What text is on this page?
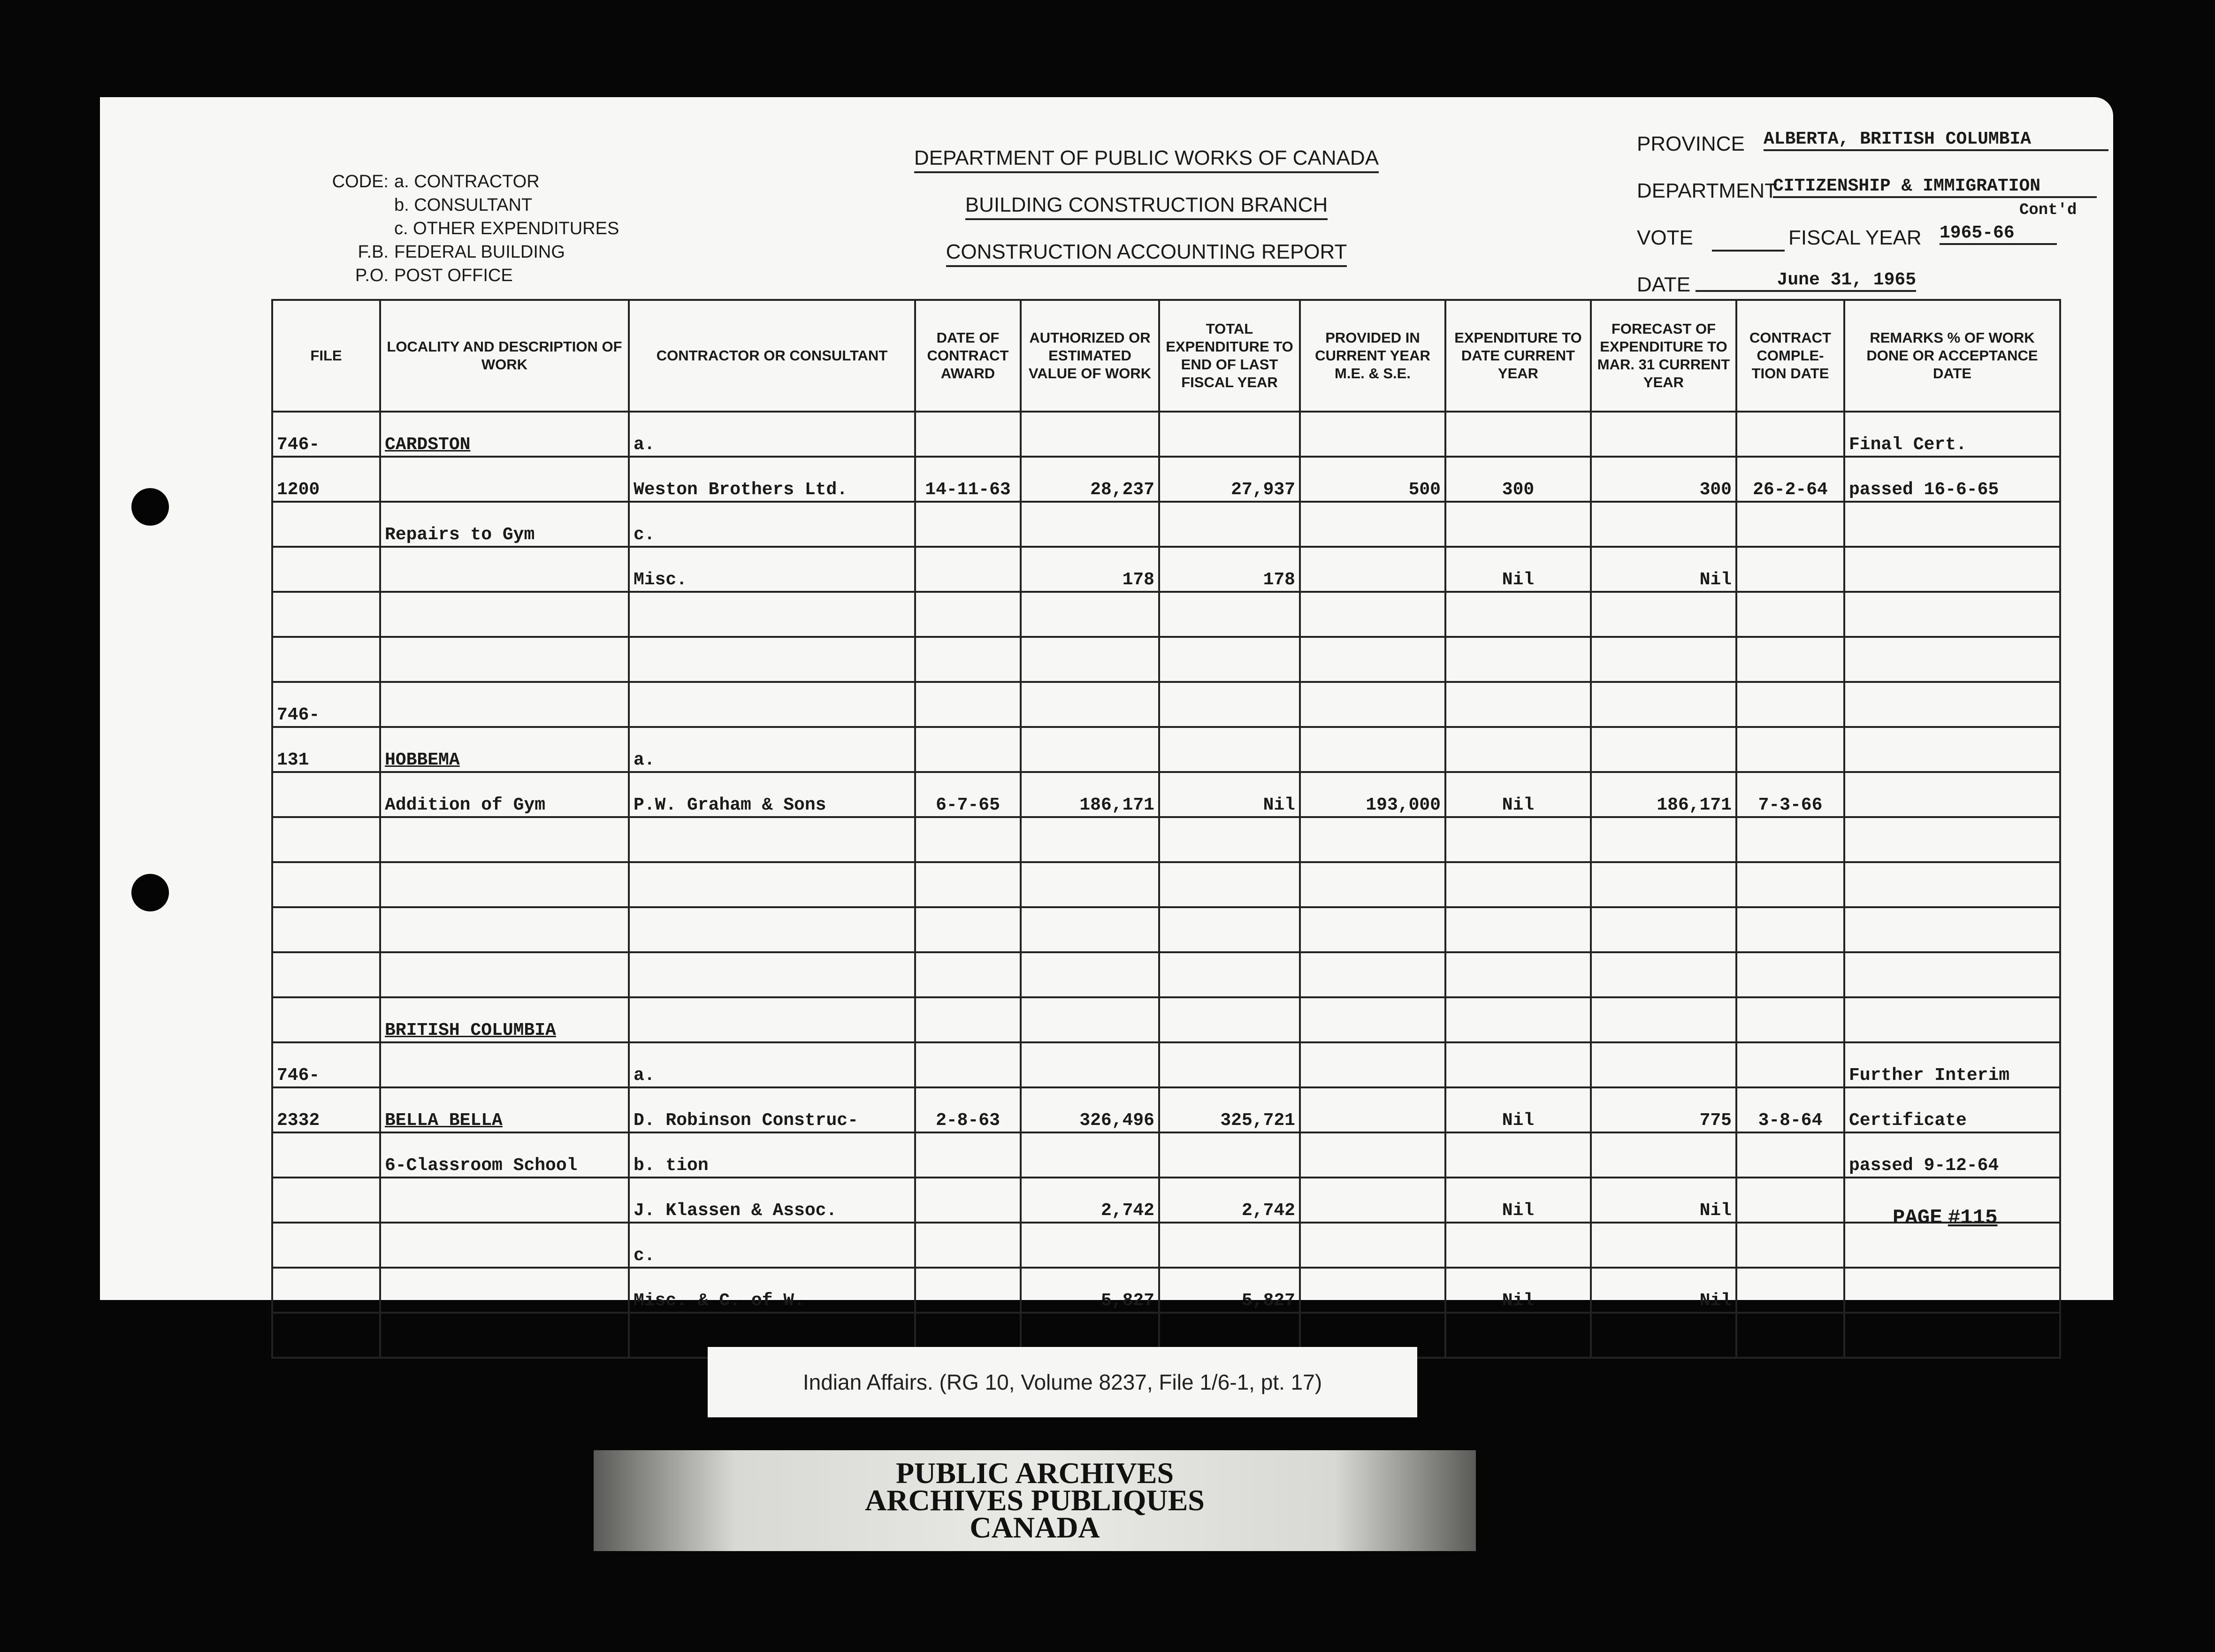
CODE: a. CONTRACTOR
b. CONSULTANT
c. OTHER EXPENDITURES
F.B. FEDERAL BUILDING
P.O. POST OFFICE
DEPARTMENT OF PUBLIC WORKS OF CANADA
BUILDING CONSTRUCTION BRANCH
CONSTRUCTION ACCOUNTING REPORT
PROVINCE ALBERTA, BRITISH COLUMBIA
DEPARTMENT
CITIZENSHIP & IMMIGRATION
Cont'd
VOTE	FISCAL YEAR 1965-66
DATE	June 31, 1965
FILE	LOCALITY AND DESCRIPTION OF WORK	CONTRACTOR OR CONSULTANT	DATE OF CONTRACT AWARD	AUTHORIZED OR ESTIMATED VALUE OF WORK	TOTAL EXPENDITURE TO END OF LAST FISCAL YEAR	PROVIDED IN CURRENT YEAR M.E. & S.E.	EXPENDITURE TO DATE CURRENT YEAR	FORECAST OF EXPENDITURE TO MAR. 31 CURRENT YEAR	CONTRACT COMPLE- TION DATE	REMARKS % OF WORK DONE OR ACCEPTANCE DATE
746-	CARDSTON	a.								Final Cert.
1200		Weston Brothers Ltd.	14-11-63	28,237	27,937	500	300	300	26-2-64	passed 16-6-65
	Repairs to Gym	c.								
		Misc.		178	178		Nil	Nil		

746-										
131	HOBBEMA	a.								
	Addition of Gym	P.W. Graham & Sons	6-7-65	186,171	Nil	193,000	Nil	186,171	7-3-66	

	BRITISH COLUMBIA									
746-		a.								Further Interim
2332	BELLA BELLA	D. Robinson Construc-	2-8-63	326,496	325,721		Nil	775	3-8-64	Certificate
	6-Classroom School	b. tion								passed 9-12-64
		J. Klassen & Assoc.		2,742	2,742		Nil	Nil		
		c.								
		Misc. & C. of W.		5,827	5,827		Nil	Nil		

PAGE #115
Indian Affairs. (RG 10, Volume 8237, File 1/6-1, pt. 17)
PUBLIC ARCHIVES
ARCHIVES PUBLIQUES
CANADA
